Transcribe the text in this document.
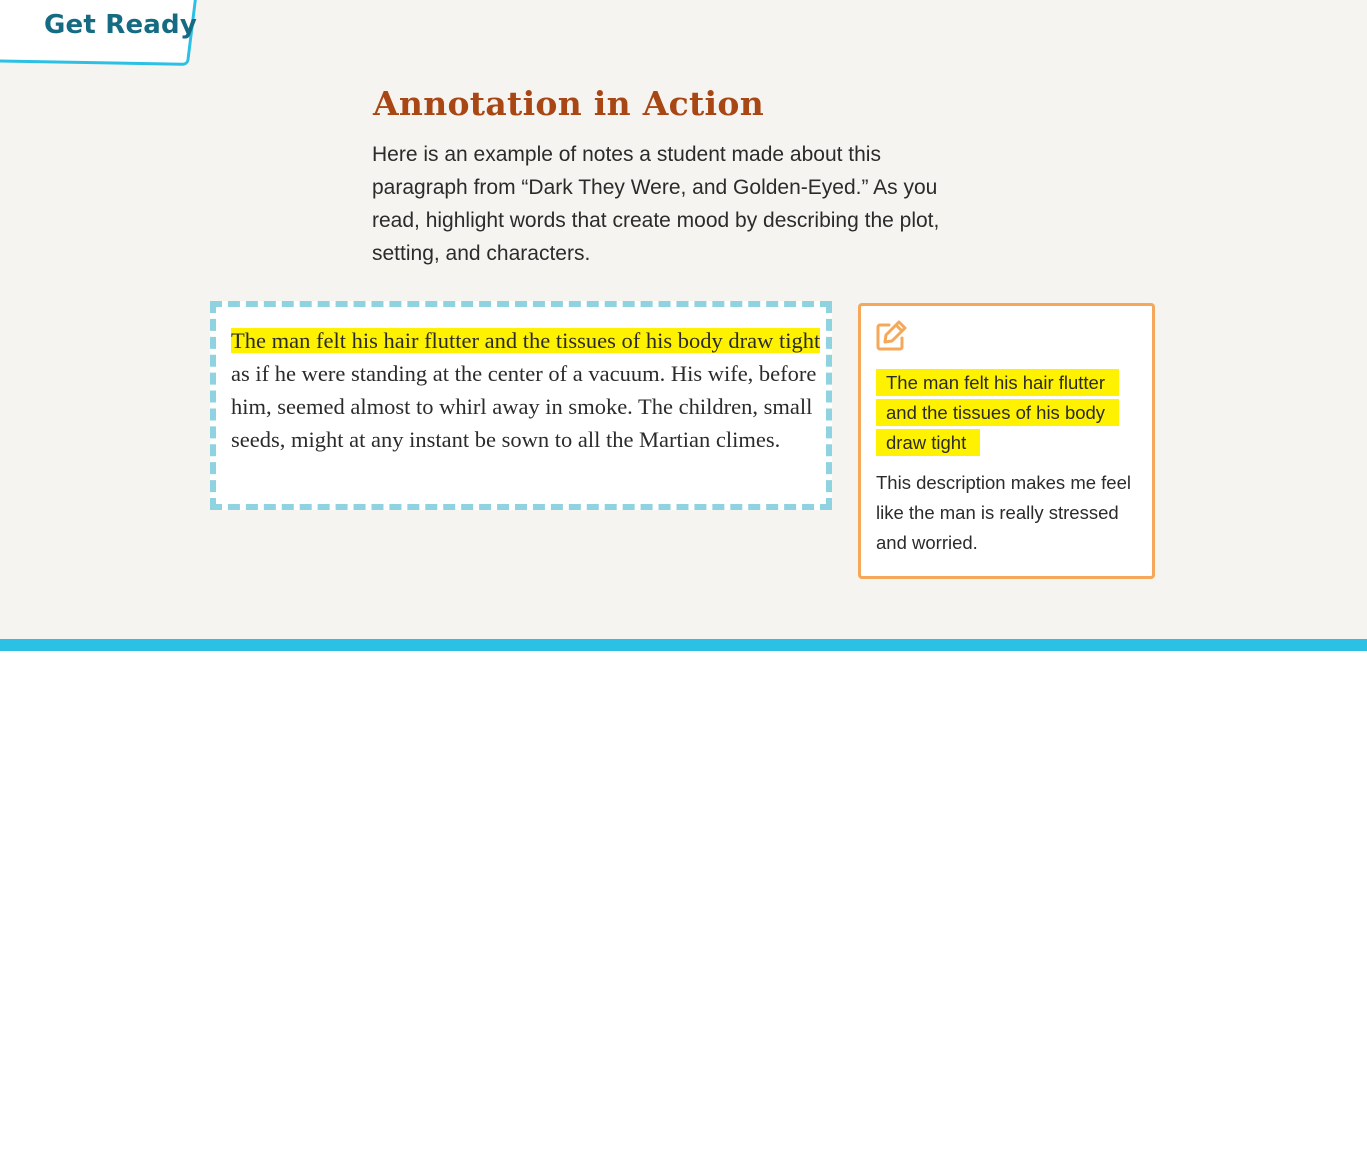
Get Ready
Annotation in Action

Here is an example of notes a student made about this paragraph from “Dark They Were, and Golden-Eyed.” As you read, highlight words that create mood by describing the plot, setting, and characters.

The man felt his hair flutter and the tissues of his body draw tight as if he were standing at the center of a vacuum. His wife, before him, seemed almost to whirl away in smoke. The children, small seeds, might at any instant be sown to all the Martian climes.

The man felt his hair flutter and the tissues of his body draw tight

This description makes me feel like the man is really stressed and worried.
